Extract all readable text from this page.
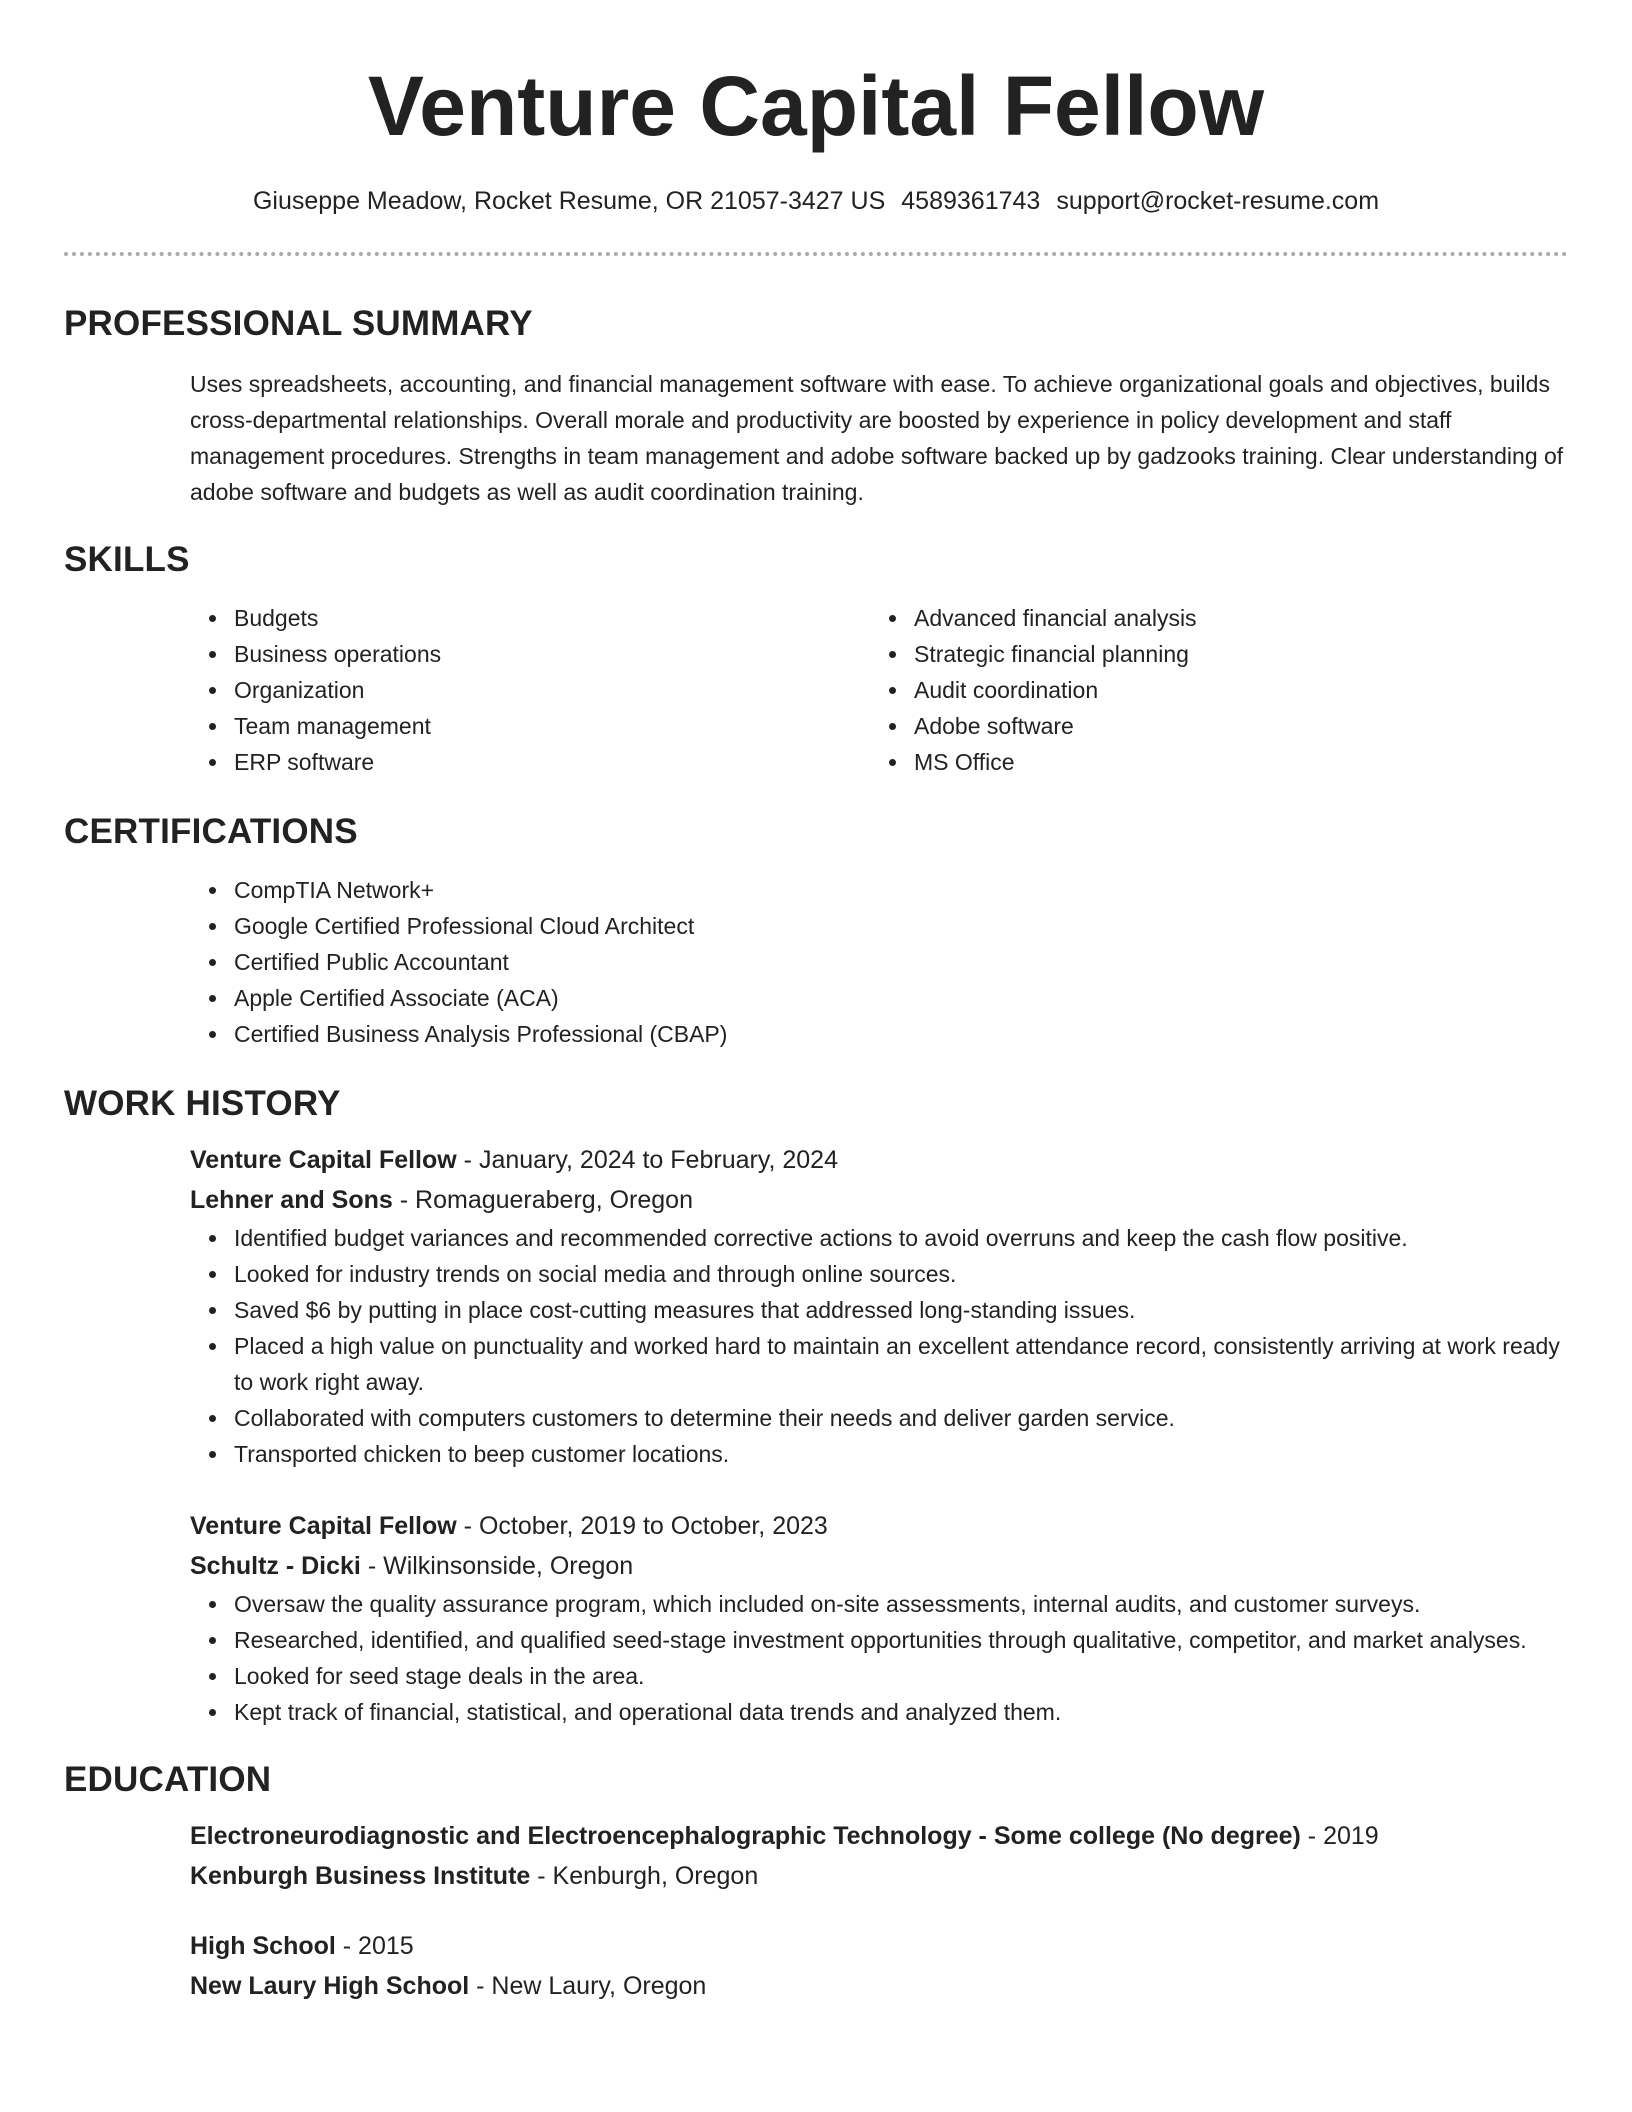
Venture Capital Fellow
Giuseppe Meadow, Rocket Resume, OR 21057-3427 US 4589361743 support@rocket-resume.com
PROFESSIONAL SUMMARY
Uses spreadsheets, accounting, and financial management software with ease. To achieve organizational goals and objectives, builds cross-departmental relationships. Overall morale and productivity are boosted by experience in policy development and staff management procedures. Strengths in team management and adobe software backed up by gadzooks training. Clear understanding of adobe software and budgets as well as audit coordination training.
SKILLS
Budgets
Business operations
Organization
Team management
ERP software
Advanced financial analysis
Strategic financial planning
Audit coordination
Adobe software
MS Office
CERTIFICATIONS
CompTIA Network+
Google Certified Professional Cloud Architect
Certified Public Accountant
Apple Certified Associate (ACA)
Certified Business Analysis Professional (CBAP)
WORK HISTORY
Venture Capital Fellow - January, 2024 to February, 2024
Lehner and Sons - Romagueraberg, Oregon
Identified budget variances and recommended corrective actions to avoid overruns and keep the cash flow positive.
Looked for industry trends on social media and through online sources.
Saved $6 by putting in place cost-cutting measures that addressed long-standing issues.
Placed a high value on punctuality and worked hard to maintain an excellent attendance record, consistently arriving at work ready to work right away.
Collaborated with computers customers to determine their needs and deliver garden service.
Transported chicken to beep customer locations.
Venture Capital Fellow - October, 2019 to October, 2023
Schultz - Dicki - Wilkinsonside, Oregon
Oversaw the quality assurance program, which included on-site assessments, internal audits, and customer surveys.
Researched, identified, and qualified seed-stage investment opportunities through qualitative, competitor, and market analyses.
Looked for seed stage deals in the area.
Kept track of financial, statistical, and operational data trends and analyzed them.
EDUCATION
Electroneurodiagnostic and Electroencephalographic Technology - Some college (No degree) - 2019
Kenburgh Business Institute - Kenburgh, Oregon
High School - 2015
New Laury High School - New Laury, Oregon
